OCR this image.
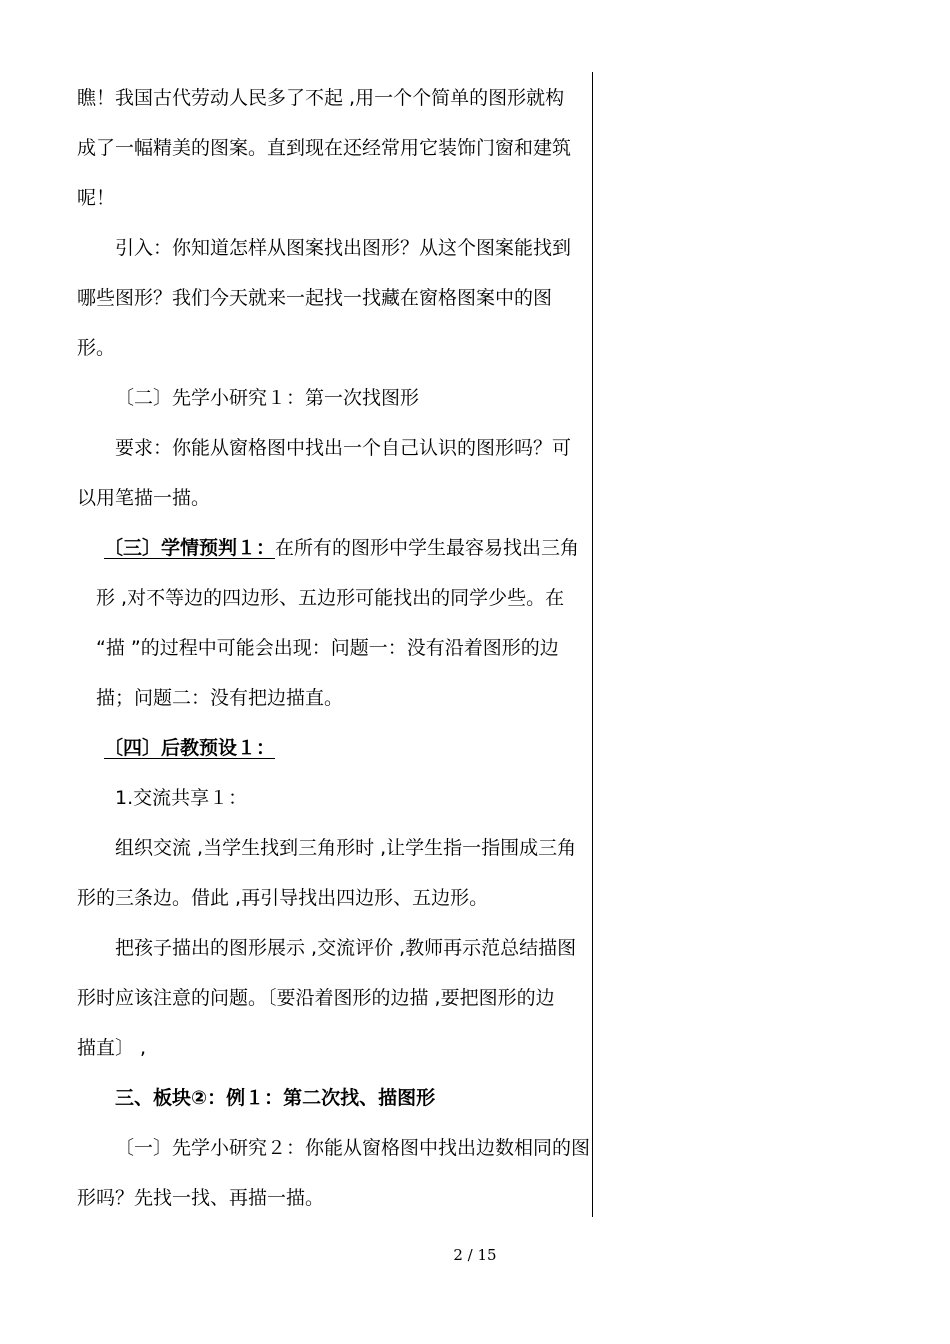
瞧！我国古代劳动人民多了不起 ,用一个个简单的图形就构
成了一幅精美的图案。直到现在还经常用它装饰门窗和建筑
呢！
引入：你知道怎样从图案找出图形？从这个图案能找到
哪些图形？我们今天就来一起找一找藏在窗格图案中的图
形。
〔二〕先学小研究１：第一次找图形
要求：你能从窗格图中找出一个自己认识的图形吗？可
以用笔描一描。
〔三〕学情预判１：在所有的图形中学生最容易找出三角
形 ,对不等边的四边形、五边形可能找出的同学少些。在
“描 ”的过程中可能会出现：问题一：没有沿着图形的边
描；问题二：没有把边描直。
〔四〕后教预设１：
1.交流共享１：
组织交流 ,当学生找到三角形时 ,让学生指一指围成三角
形的三条边。借此 ,再引导找出四边形、五边形。
把孩子描出的图形展示 ,交流评价 ,教师再示范总结描图
形时应该注意的问题。〔要沿着图形的边描 ,要把图形的边
描直〕 ,
三、板块②：例１：第二次找、描图形
〔一〕先学小研究２：你能从窗格图中找出边数相同的图
形吗？先找一找、再描一描。
2 / 15
